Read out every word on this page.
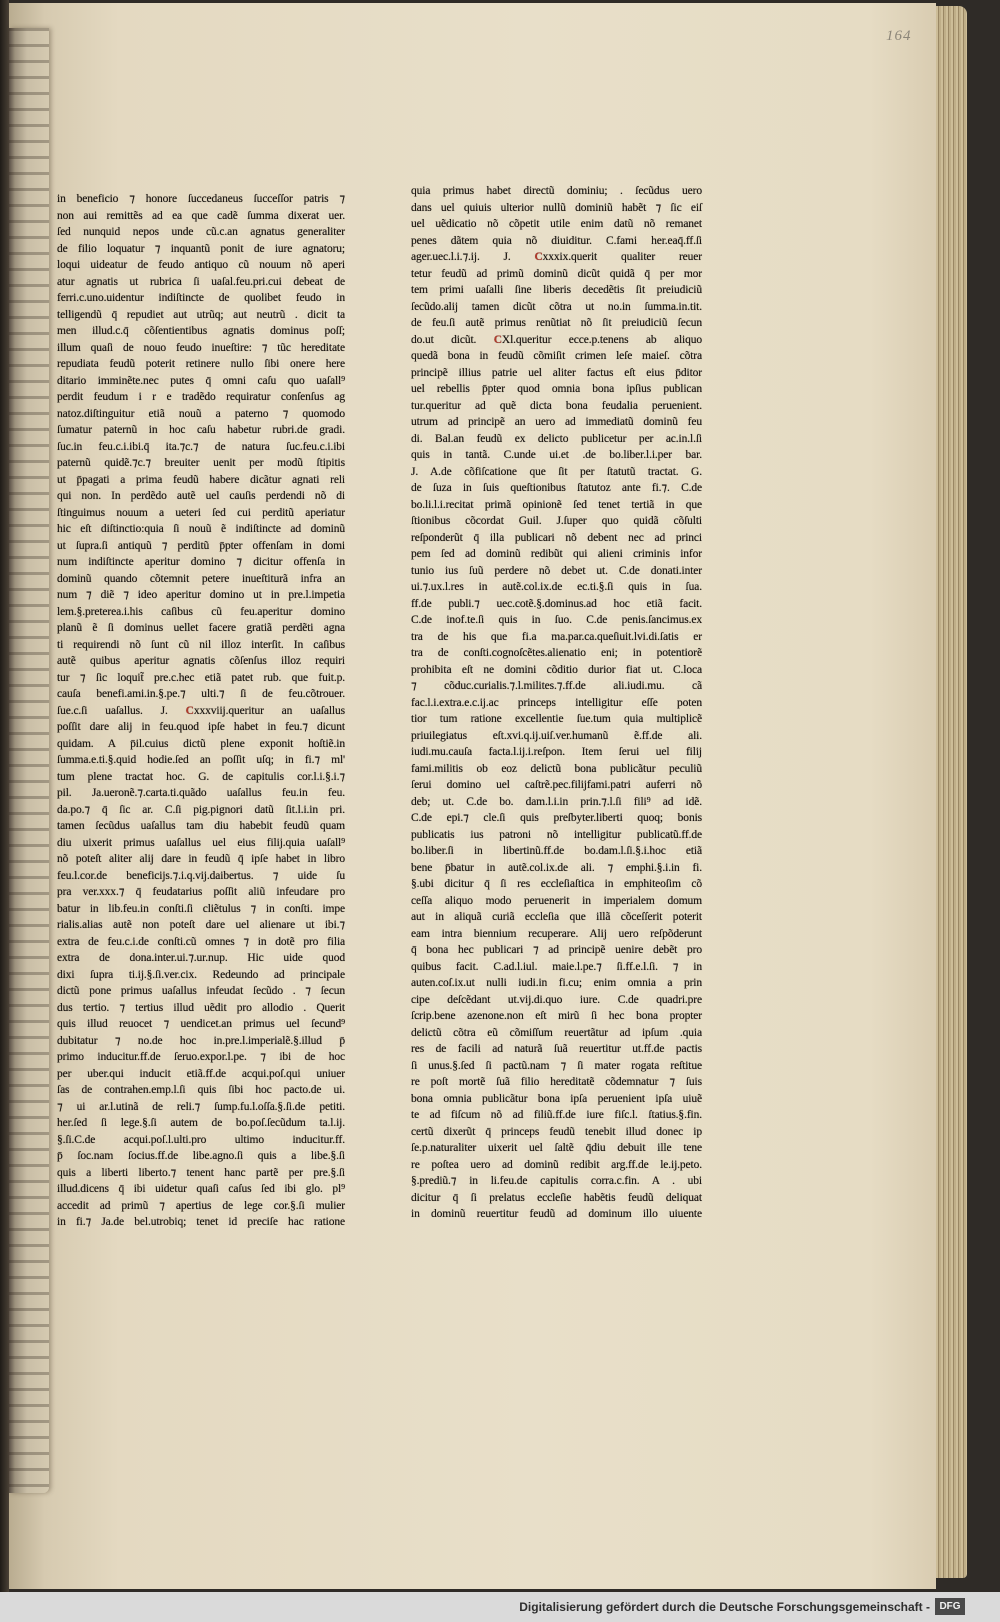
164
in beneficio ⁊ honore ſuccedaneus ſucceſſor patris ⁊
non aui remittẽs ad ea que cadẽ ſumma dixerat uer.
ſed nunquid nepos unde cũ.c.an agnatus generaliter
de filio loquatur ⁊ inquantũ ponit de iure agnatoru;
loqui uideatur de feudo antiquo cũ nouum nõ aperi
atur agnatis ut rubrica ſi uaſal.feu.pri.cui debeat de
ferri.c.uno.uidentur indiſtincte de quolibet feudo in
telligendũ q̄ repudiet aut utrũq; aut neutrũ . dicit ta
men illud.c.q̄ cõſentientibus agnatis dominus poſſ;
illum quaſi de nouo feudo inueſtire: ⁊ tũc hereditate
repudiata feudũ poterit retinere nullo ſibi onere here
ditario imminẽte.nec putes q̄ omni caſu quo uaſall⁹
perdit feudum i r e tradẽdo requiratur conſenſus ag
natoz.diſtinguitur etiã nouũ a paterno ⁊ quomodo
ſumatur paternũ in hoc caſu habetur rubri.de gradi.
ſuc.in feu.c.i.ibi.q̄ ita.⁊c.⁊ de natura ſuc.feu.c.i.ibi
paternũ quidẽ.⁊c.⁊ breuiter uenit per modũ ſtipitis
ut p̄pagati a prima feudũ habere dicãtur agnati reli
qui non. In perdẽdo autẽ uel cauſis perdendi nõ di
ſtinguimus nouum a ueteri ſed cui perditũ aperiatur
hic eſt diſtinctio:quia ſi nouũ ẽ indiſtincte ad dominũ
ut ſupra.ſi antiquũ ⁊ perditũ p̄pter offenſam in domi
num indiſtincte aperitur domino ⁊ dicitur offenſa in
dominũ quando cõtemnit petere inueſtiturã infra an
num ⁊ diẽ ⁊ ideo aperitur domino ut in pre.l.impetia
lem.§.preterea.i.his caſibus cũ feu.aperitur domino
planũ ẽ ſi dominus uellet facere gratiã perdẽti agna
ti requirendi nõ ſunt cũ nil illoz interſit. In caſibus
autẽ quibus aperitur agnatis cõſenſus illoz requiri
tur ⁊ ſic loquit̃ pre.c.hec etiã patet rub. que fuit.p.
cauſa benefi.ami.in.§.pe.⁊ ulti.⁊ ſi de feu.cõtrouer.
ſue.c.ſi uaſallus. J. Cxxxviij.queritur an uaſallus
poſſit dare alij in feu.quod ipſe habet in feu.⁊ dicunt
quidam. A p̄il.cuius dictũ plene exponit hoſtiẽ.in
ſumma.e.ti.§.quid hodie.ſed an poſſit uſq; in fi.⁊ ml'
tum plene tractat hoc. G. de capitulis cor.l.i.§.i.⁊
pil. Ja.ueronẽ.⁊.carta.ti.quãdo uaſallus feu.in feu.
da.po.⁊ q̄ ſic ar. C.ſi pig.pignori datũ ſit.l.i.in pri.
tamen ſecũdus uaſallus tam diu habebit feudũ quam
diu uixerit primus uaſallus uel eius filij.quia uaſall⁹
nõ poteſt aliter alij dare in feudũ q̄ ipſe habet in libro
feu.l.cor.de beneficijs.⁊.i.q.vij.daibertus. ⁊ uide ſu
pra ver.xxx.⁊ q̄ feudatarius poſſit aliũ infeudare pro
batur in lib.feu.in conſti.ſi cliẽtulus ⁊ in conſti. impe
rialis.alias autẽ non poteſt dare uel alienare ut ibi.⁊
extra de feu.c.i.de conſti.cũ omnes ⁊ in dotẽ pro filia
extra de dona.inter.ui.⁊.ur.nup. Hic uide quod
dixi ſupra ti.ij.§.ſi.ver.cix. Redeundo ad principale
dictũ pone primus uaſallus infeudat ſecũdo . ⁊ ſecun
dus tertio. ⁊ tertius illud uẽdit pro allodio . Querit
quis illud reuocet ⁊ uendicet.an primus uel ſecund⁹
dubitatur ⁊ no.de hoc in.pre.l.imperialẽ.§.illud p̄
primo inducitur.ff.de ſeruo.expor.l.pe. ⁊ ibi de hoc
per uber.qui inducit etiã.ff.de acqui.poſ.qui uniuer
ſas de contrahen.emp.l.ſi quis ſibi hoc pacto.de ui.
⁊ ui ar.l.utinã de reli.⁊ ſump.fu.l.oſſa.§.ſi.de petiti.
her.ſed ſi lege.§.ſi autem de bo.poſ.ſecũdum ta.l.ij.
§.ſi.C.de acqui.poſ.l.ulti.pro ultimo inducitur.ff.
p̄ ſoc.nam ſocius.ff.de libe.agno.ſi quis a libe.§.ſi
quis a liberti liberto.⁊ tenent hanc partẽ per pre.§.ſi
illud.dicens q̄ ibi uidetur quaſi caſus ſed ibi glo. pl⁹
accedit ad primũ ⁊ apertius de lege cor.§.ſi mulier
in fi.⁊ Ja.de bel.utrobiq; tenet id preciſe hac ratione
quia primus habet directũ dominiu; . ſecũdus uero
dans uel quiuis ulterior nullũ dominiũ habẽt ⁊ ſic eiſ
uel uẽdicatio nõ cõpetit utile enim datũ nõ remanet
penes dãtem quia nõ diuiditur. C.fami her.eaq̄.ff.ſi
ager.uec.l.i.⁊.ij. J. Cxxxix.querit qualiter reuer
tetur feudũ ad primũ dominũ dicũt quidã q̄ per mor
tem primi uaſalli ſine liberis decedẽtis ſit preiudiciũ
ſecũdo.alij tamen dicũt cõtra ut no.in ſumma.in.tit.
de feu.ſi autẽ primus renũtiat nõ ſit preiudiciũ ſecun
do.ut dicũt. CXl.queritur ecce.p.tenens ab aliquo
quedã bona in feudũ cõmiſit crimen leſe maieſ. cõtra
principẽ illius patrie uel aliter factus eſt eius p̄ditor
uel rebellis p̄pter quod omnia bona ipſius publican
tur.queritur ad quẽ dicta bona feudalia peruenient.
utrum ad principẽ an uero ad immediatũ dominũ feu
di. Bal.an feudũ ex delicto publicetur per ac.in.l.ſi
quis in tantã. C.unde ui.et .de bo.liber.l.i.per bar.
J. A.de cõfiſcatione que ſit per ſtatutũ tractat. G.
de ſuza in ſuis queſtionibus ſtatutoz ante fi.⁊. C.de
bo.li.l.i.recitat primã opinionẽ ſed tenet tertiã in que
ſtionibus cõcordat Guil. J.ſuper quo quidã cõſulti
reſponderũt q̄ illa publicari nõ debent nec ad princi
pem ſed ad dominũ redibũt qui alieni criminis infor
tunio ius ſuũ perdere nõ debet ut. C.de donati.inter
ui.⁊.ux.l.res in autẽ.col.ix.de ec.ti.§.ſi quis in ſua.
ff.de publi.⁊ uec.cotẽ.§.dominus.ad hoc etiã facit.
C.de inof.te.ſi quis in ſuo. C.de penis.ſancimus.ex
tra de his que fi.a ma.par.ca.queſiuit.lvi.di.ſatis er
tra de conſti.cognoſcẽtes.alienatio eni; in potentiorẽ
prohibita eſt ne domini cõditio durior fiat ut. C.loca
⁊ cõduc.curialis.⁊.l.milites.⁊.ff.de ali.iudi.mu. cã
fac.l.i.extra.e.c.ij.ac princeps intelligitur eſſe poten
tior tum ratione excellentie ſue.tum quia multiplicẽ
priuilegiatus eſt.xvi.q.ij.uiſ.ver.humanũ ẽ.ff.de ali.
iudi.mu.cauſa facta.l.ij.i.reſpon. Item ſerui uel filij
fami.militis ob eoz delictũ bona publicãtur peculiũ
ſerui domino uel caſtrẽ.pec.filijfami.patri auferri nõ
deb; ut. C.de bo. dam.l.i.in prin.⁊.l.ſi fili⁹ ad idẽ.
C.de epi.⁊ cle.ſi quis preſbyter.liberti quoq; bonis
publicatis ius patroni nõ intelligitur publicatũ.ff.de
bo.liber.ſi in libertinũ.ff.de bo.dam.l.ſi.§.i.hoc etiã
bene p̄batur in autẽ.col.ix.de ali. ⁊ emphi.§.i.in fi.
§.ubi dicitur q̄ ſi res eccleſiaſtica in emphiteoſim cõ
ceſſa aliquo modo peruenerit in imperialem domum
aut in aliquã curiã eccleſia que illã cõceſſerit poterit
eam intra biennium recuperare. Alij uero reſpõderunt
q̄ bona hec publicari ⁊ ad principẽ uenire debẽt pro
quibus facit. C.ad.l.iul. maie.l.pe.⁊ ſi.ff.e.l.ſi. ⁊ in
auten.coſ.ix.ut nulli iudi.in fi.cu; enim omnia a prin
cipe deſcẽdant ut.vij.di.quo iure. C.de quadri.pre
ſcrip.bene azenone.non eſt mirũ ſi hec bona propter
delictũ cõtra eũ cõmiſſum reuertãtur ad ipſum .quia
res de facili ad naturã ſuã reuertitur ut.ff.de pactis
ſi unus.§.ſed ſi pactũ.nam ⁊ ſi mater rogata reſtitue
re poſt mortẽ ſuã filio hereditatẽ cõdemnatur ⁊ ſuis
bona omnia publicãtur bona ipſa peruenient ipſa uiuẽ
te ad fiſcum nõ ad filiũ.ff.de iure fiſc.l. ſtatius.§.fin.
certũ dixerũt q̄ princeps feudũ tenebit illud donec ip
ſe.p.naturaliter uixerit uel ſaltẽ q̄diu debuit ille tene
re poſtea uero ad dominũ redibit arg.ff.de le.ij.peto.
§.prediũ.⁊ in li.feu.de capitulis corra.c.fin. A . ubi
dicitur q̄ ſi prelatus eccleſie habẽtis feudũ deliquat
in dominũ reuertitur feudũ ad dominum illo uiuente
Digitalisierung gefördert durch die Deutsche Forschungsgemeinschaft - DFG
